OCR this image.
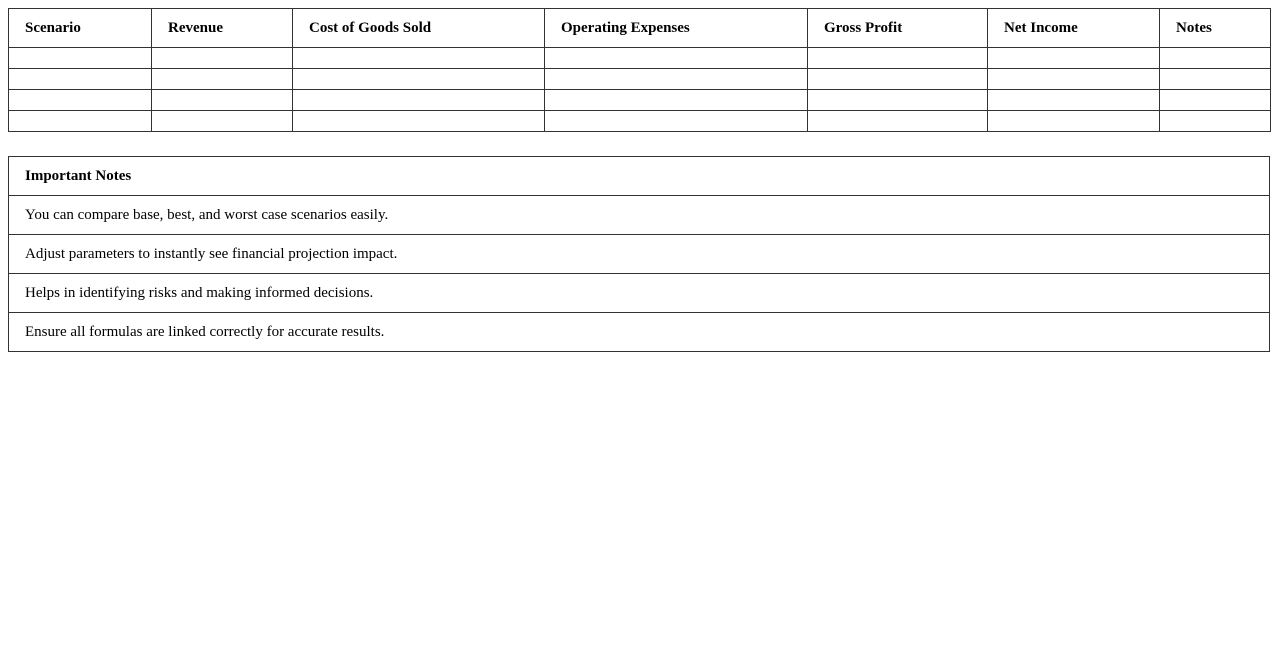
Scenario	Revenue	Cost of Goods Sold	Operating Expenses	Gross Profit	Net Income	Notes

Important Notes
You can compare base, best, and worst case scenarios easily.
Adjust parameters to instantly see financial projection impact.
Helps in identifying risks and making informed decisions.
Ensure all formulas are linked correctly for accurate results.
